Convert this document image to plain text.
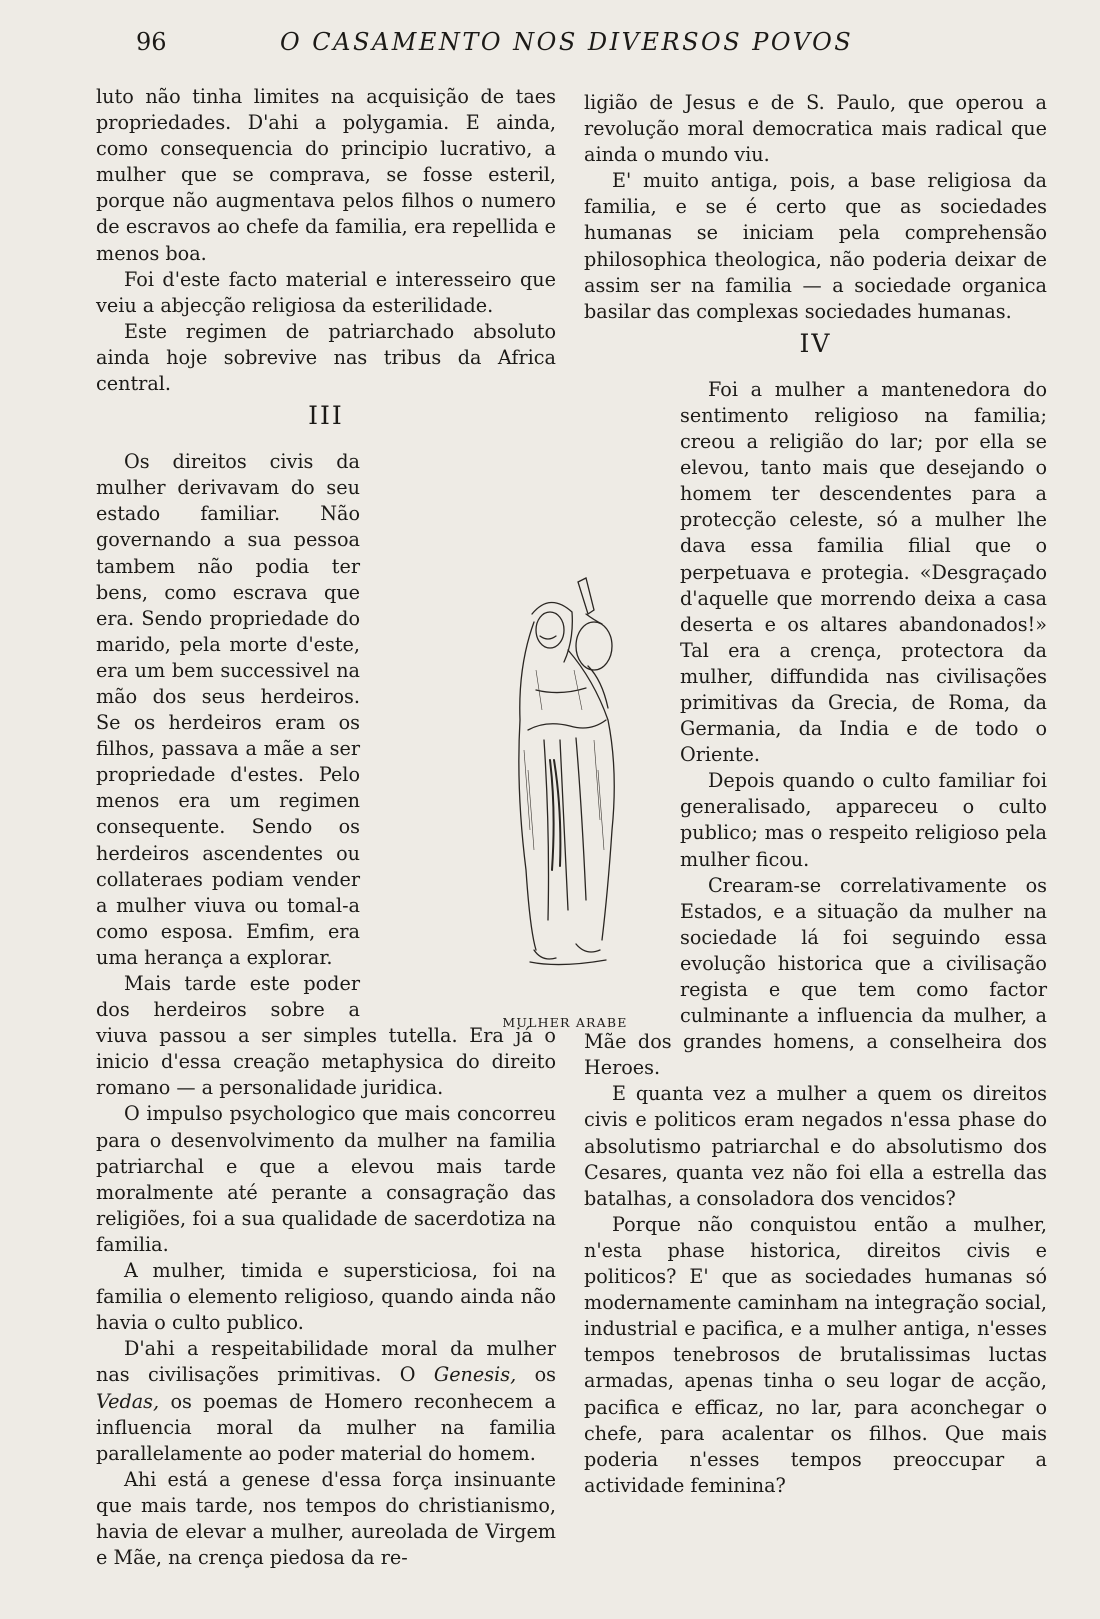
96	O CASAMENTO NOS DIVERSOS POVOS

luto não tinha limites na acquisição de taes propriedades. D'ahi a polygamia. E ainda, como consequencia do principio lucrativo, a mulher que se comprava, se fosse esteril, porque não augmentava pelos filhos o numero de escravos ao chefe da familia, era repellida e menos boa.

Foi d'este facto material e interesseiro que veiu a abjecção religiosa da esterilidade.

Este regimen de patriarchado absoluto ainda hoje sobrevive nas tribus da Africa central.

III

Os direitos civis da mulher derivavam do seu estado familiar. Não governando a sua pessoa tambem não podia ter bens, como escrava que era. Sendo propriedade do marido, pela morte d'este, era um bem successivel na mão dos seus herdeiros. Se os herdeiros eram os filhos, passava a mãe a ser propriedade d'estes. Pelo menos era um regimen consequente. Sendo os herdeiros ascendentes ou collateraes podiam vender a mulher viuva ou tomal-a como esposa. Emfim, era uma herança a explorar.

Mais tarde este poder dos herdeiros sobre a viuva passou a ser simples tutella. Era já o inicio d'essa creação metaphysica do direito romano — a personalidade juridica.

O impulso psychologico que mais concorreu para o desenvolvimento da mulher na familia patriarchal e que a elevou mais tarde moralmente até perante a consagração das religiões, foi a sua qualidade de sacerdotiza na familia.

A mulher, timida e supersticiosa, foi na familia o elemento religioso, quando ainda não havia o culto publico.

D'ahi a respeitabilidade moral da mulher nas civilisações primitivas. O Genesis, os Vedas, os poemas de Homero reconhecem a influencia moral da mulher na familia parallelamente ao poder material do homem.

Ahi está a genese d'essa força insinuante que mais tarde, nos tempos do christianismo, havia de elevar a mulher, aureolada de Virgem e Mãe, na crença piedosa da re-

ligião de Jesus e de S. Paulo, que operou a revolução moral democratica mais radical que ainda o mundo viu.

E' muito antiga, pois, a base religiosa da familia, e se é certo que as sociedades humanas se iniciam pela comprehensão philosophica theologica, não poderia deixar de assim ser na familia — a sociedade organica basilar das complexas sociedades humanas.

IV

Foi a mulher a mantenedora do sentimento religioso na familia; creou a religião do lar; por ella se elevou, tanto mais que desejando o homem ter descendentes para a protecção celeste, só a mulher lhe dava essa familia filial que o perpetuava e protegia. «Desgraçado d'aquelle que morrendo deixa a casa deserta e os altares abandonados!» Tal era a crença, protectora da mulher, diffundida nas civilisações primitivas da Grecia, de Roma, da Germania, da India e de todo o Oriente.

Depois quando o culto familiar foi generalisado, appareceu o culto publico; mas o respeito religioso pela mulher ficou.

Crearam-se correlativamente os Estados, e a situação da mulher na sociedade lá foi seguindo essa evolução historica que a civilisação regista e que tem como factor culminante a influencia da mulher, a Mãe dos grandes homens, a conselheira dos Heroes.

E quanta vez a mulher a quem os direitos civis e politicos eram negados n'essa phase do absolutismo patriarchal e do absolutismo dos Cesares, quanta vez não foi ella a estrella das batalhas, a consoladora dos vencidos?

Porque não conquistou então a mulher, n'esta phase historica, direitos civis e politicos? E' que as sociedades humanas só modernamente caminham na integração social, industrial e pacifica, e a mulher antiga, n'esses tempos tenebrosos de brutalissimas luctas armadas, apenas tinha o seu logar de acção, pacifica e efficaz, no lar, para aconchegar o chefe, para acalentar os filhos. Que mais poderia n'esses tempos preoccupar a actividade feminina?

MULHER ARABE
